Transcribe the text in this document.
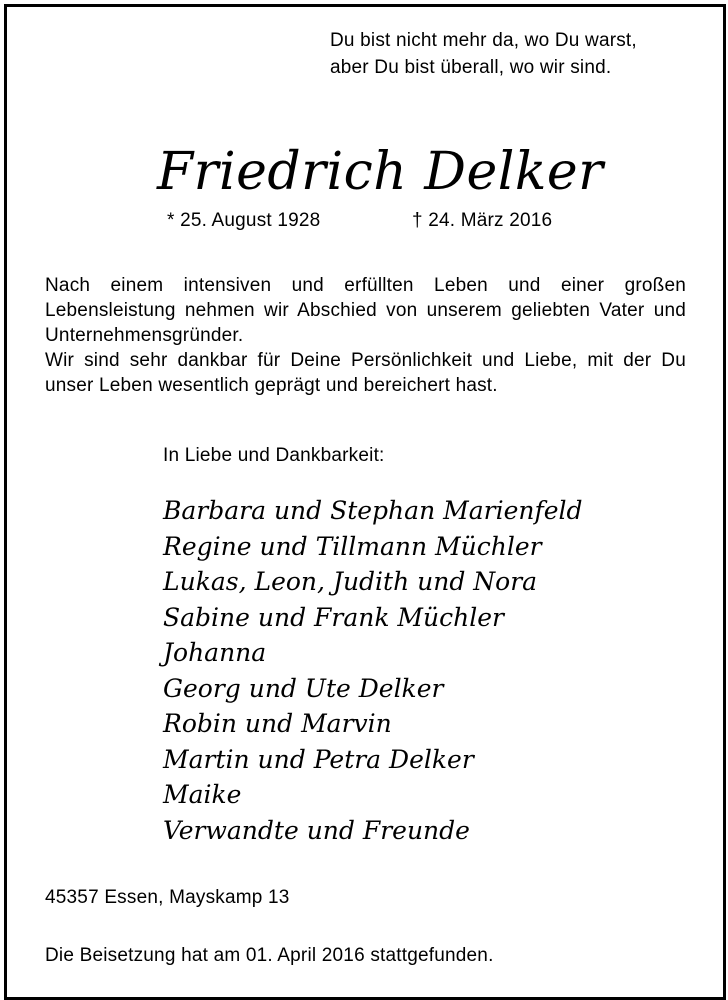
Du bist nicht mehr da, wo Du warst,
aber Du bist überall, wo wir sind.
Friedrich Delker
* 25. August 1928	† 24. März 2016

Nach einem intensiven und erfüllten Leben und einer großen Lebensleistung nehmen wir Abschied von unserem geliebten Vater und Unternehmensgründer.

Wir sind sehr dankbar für Deine Persönlichkeit und Liebe, mit der Du unser Leben wesentlich geprägt und bereichert hast.

In Liebe und Dankbarkeit:
Barbara und Stephan Marienfeld
Regine und Tillmann Müchler
Lukas, Leon, Judith und Nora
Sabine und Frank Müchler
Johanna
Georg und Ute Delker
Robin und Marvin
Martin und Petra Delker
Maike
Verwandte und Freunde
45357 Essen, Mayskamp 13
Die Beisetzung hat am 01. April 2016 stattgefunden.
